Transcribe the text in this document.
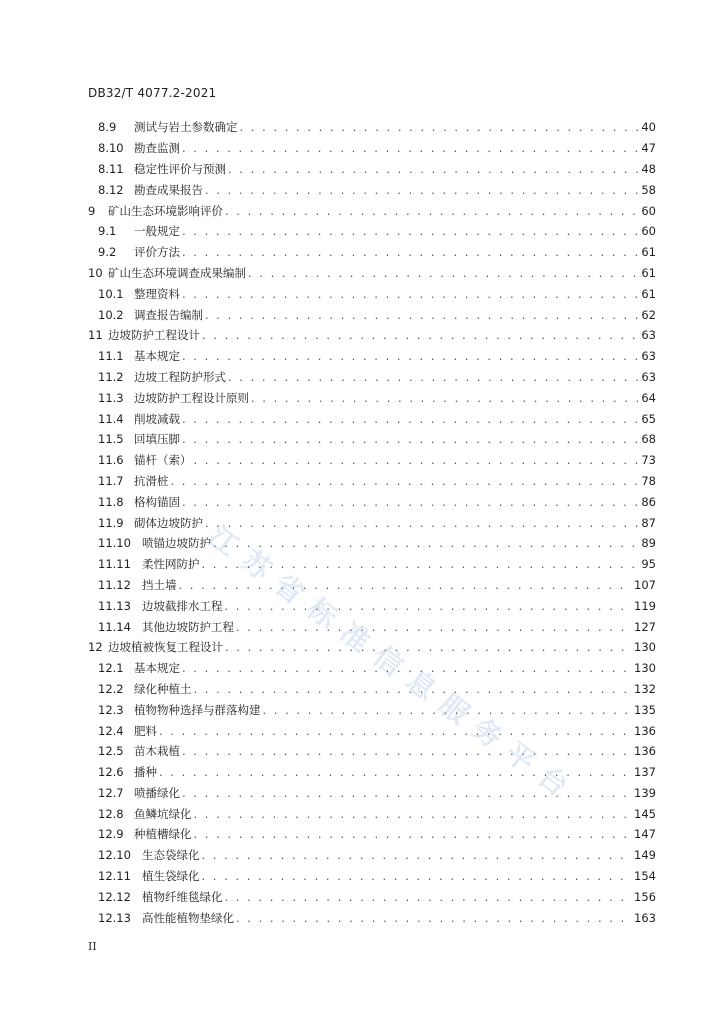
DB32/T 4077.2-2021
8.9	测试与岩土参数确定 . . .	40
8.10 勘查监测 . . .	47
8.11 稳定性评价与预测 . . .	48
8.12 勘查成果报告 . . .	58
9	矿山生态环境影响评价 . . .	60
9.1	一般规定 . . .	60
9.2	评价方法 . . .	61
10 矿山生态环境调查成果编制 . . .	61
10.1 整理资料 . . .	61
10.2 调查报告编制 . . .	62
11 边坡防护工程设计 . . .	63
11.1 基本规定 . . .	63
11.2 边坡工程防护形式 . . .	63
11.3 边坡防护工程设计原则 . . .	64
11.4 削坡减载 . . .	65
11.5 回填压脚 . . .	68
11.6 锚杆（索） . . .	73
11.7 抗滑桩 . . .	78
11.8 格构锚固 . . .	86
11.9 砌体边坡防护 . . .	87
11.10 喷锚边坡防护 . . .	89
11.11 柔性网防护 . . .	95
11.12 挡土墙 . . .	107
11.13 边坡截排水工程 . . .	119
11.14 其他边坡防护工程 . . .	127
12 边坡植被恢复工程设计 . . .	130
12.1 基本规定 . . .	130
12.2 绿化种植土 . . .	132
12.3 植物物种选择与群落构建 . . .	135
12.4 肥料 . . .	136
12.5 苗木栽植 . . .	136
12.6 播种 . . .	137
12.7 喷播绿化 . . .	139
12.8 鱼鳞坑绿化 . . .	145
12.9 种植槽绿化 . . .	147
12.10 生态袋绿化 . . .	149
12.11 植生袋绿化 . . .	154
12.12 植物纤维毯绿化 . . .	156
12.13 高性能植物垫绿化 . . .	163
江
苏
省
标
准
信
息
服
务
平
台
II
